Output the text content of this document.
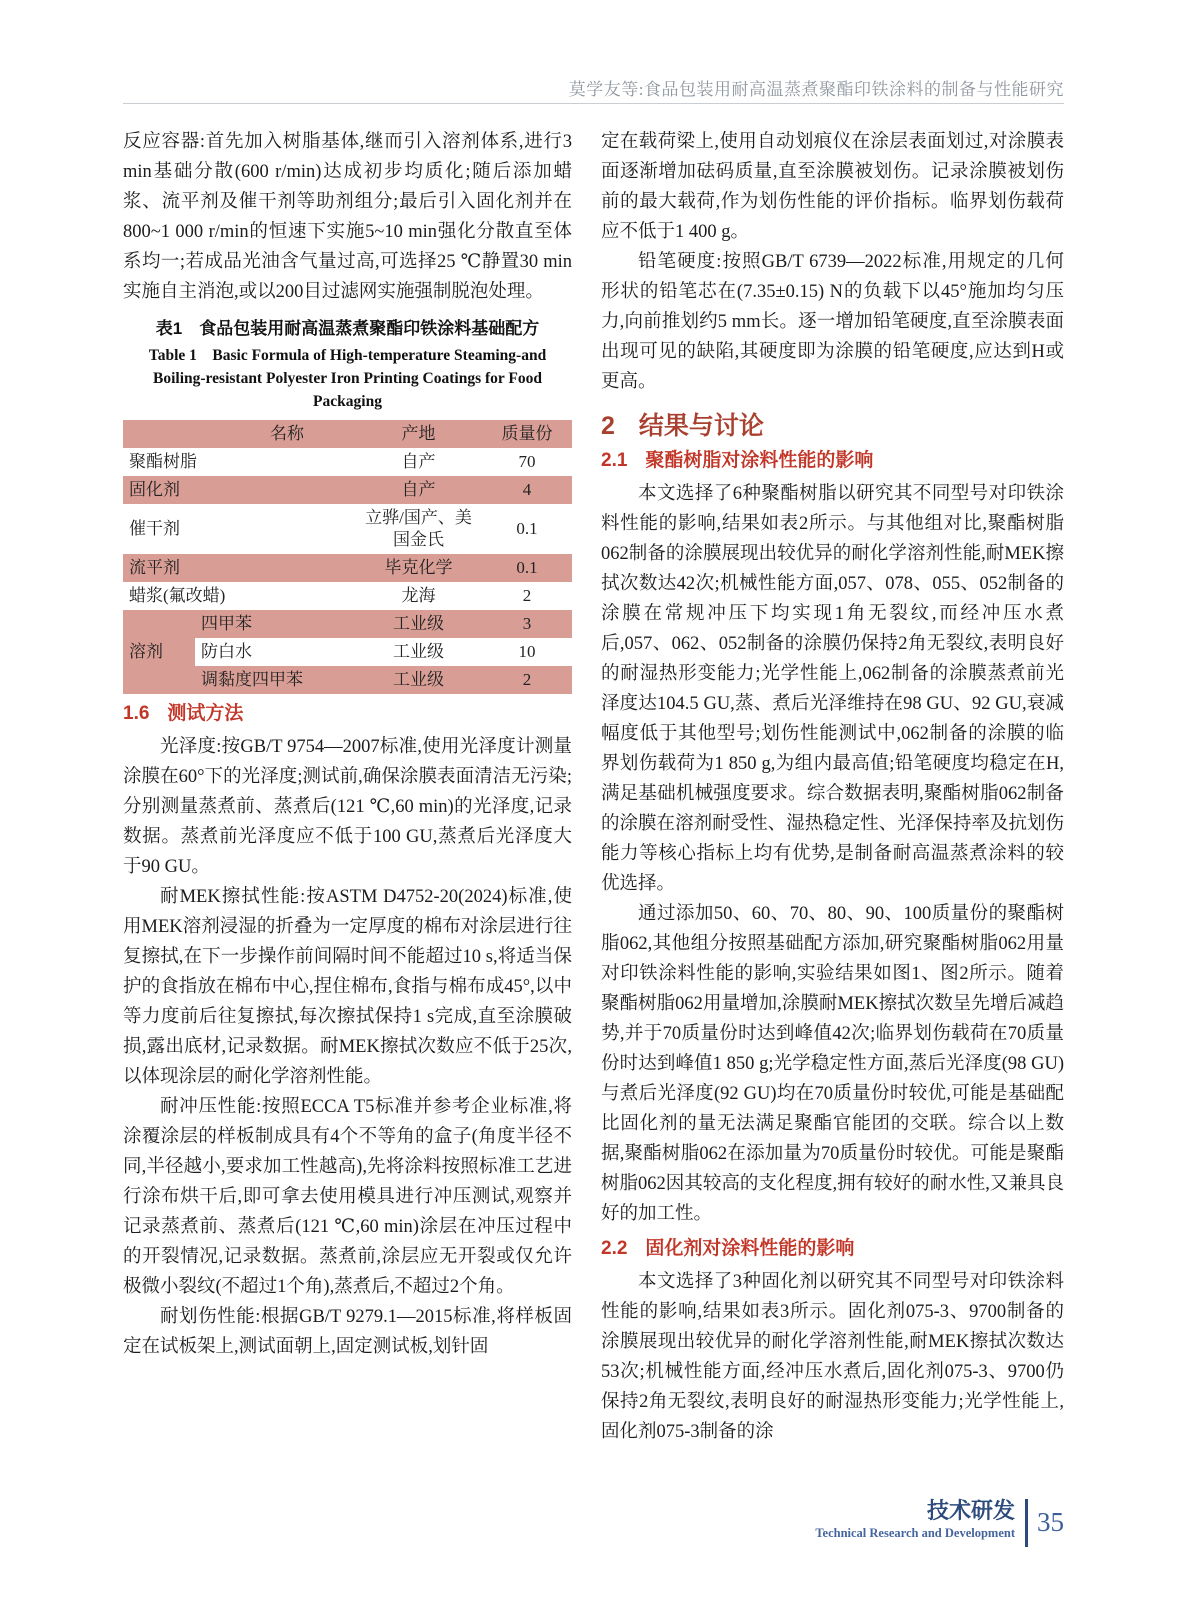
莫学友等:食品包装用耐高温蒸煮聚酯印铁涂料的制备与性能研究

反应容器:首先加入树脂基体,继而引入溶剂体系,进行3 min基础分散(600 r/min)达成初步均质化;随后添加蜡浆、流平剂及催干剂等助剂组分;最后引入固化剂并在800~1 000 r/min的恒速下实施5~10 min强化分散直至体系均一;若成品光油含气量过高,可选择25 ℃静置30 min实施自主消泡,或以200目过滤网实施强制脱泡处理。

表1　食品包装用耐高温蒸煮聚酯印铁涂料基础配方
Table 1　Basic Formula of High-temperature Steaming-and Boiling-resistant Polyester Iron Printing Coatings for Food Packaging
名称		产地	质量份
聚酯树脂		自产	70
固化剂		自产	4
催干剂		立骅/国产、美国金氏	0.1
流平剂		毕克化学	0.1
蜡浆(氟改蜡)		龙海	2
溶剂	四甲苯	工业级	3
	防白水	工业级	10
	调黏度四甲苯	工业级	2
1.6 测试方法

光泽度:按GB/T 9754—2007标准,使用光泽度计测量涂膜在60°下的光泽度;测试前,确保涂膜表面清洁无污染;分别测量蒸煮前、蒸煮后(121 ℃,60 min)的光泽度,记录数据。蒸煮前光泽度应不低于100 GU,蒸煮后光泽度大于90 GU。

耐MEK擦拭性能:按ASTM D4752-20(2024)标准,使用MEK溶剂浸湿的折叠为一定厚度的棉布对涂层进行往复擦拭,在下一步操作前间隔时间不能超过10 s,将适当保护的食指放在棉布中心,捏住棉布,食指与棉布成45°,以中等力度前后往复擦拭,每次擦拭保持1 s完成,直至涂膜破损,露出底材,记录数据。耐MEK擦拭次数应不低于25次,以体现涂层的耐化学溶剂性能。

耐冲压性能:按照ECCA T5标准并参考企业标准,将涂覆涂层的样板制成具有4个不等角的盒子(角度半径不同,半径越小,要求加工性越高),先将涂料按照标准工艺进行涂布烘干后,即可拿去使用模具进行冲压测试,观察并记录蒸煮前、蒸煮后(121 ℃,60 min)涂层在冲压过程中的开裂情况,记录数据。蒸煮前,涂层应无开裂或仅允许极微小裂纹(不超过1个角),蒸煮后,不超过2个角。

耐划伤性能:根据GB/T 9279.1—2015标准,将样板固定在试板架上,测试面朝上,固定测试板,划针固

定在载荷梁上,使用自动划痕仪在涂层表面划过,对涂膜表面逐渐增加砝码质量,直至涂膜被划伤。记录涂膜被划伤前的最大载荷,作为划伤性能的评价指标。临界划伤载荷应不低于1 400 g。

铅笔硬度:按照GB/T 6739—2022标准,用规定的几何形状的铅笔芯在(7.35±0.15) N的负载下以45°施加均匀压力,向前推划约5 mm长。逐一增加铅笔硬度,直至涂膜表面出现可见的缺陷,其硬度即为涂膜的铅笔硬度,应达到H或更高。

2 结果与讨论
2.1 聚酯树脂对涂料性能的影响

本文选择了6种聚酯树脂以研究其不同型号对印铁涂料性能的影响,结果如表2所示。与其他组对比,聚酯树脂062制备的涂膜展现出较优异的耐化学溶剂性能,耐MEK擦拭次数达42次;机械性能方面,057、078、055、052制备的涂膜在常规冲压下均实现1角无裂纹,而经冲压水煮后,057、062、052制备的涂膜仍保持2角无裂纹,表明良好的耐湿热形变能力;光学性能上,062制备的涂膜蒸煮前光泽度达104.5 GU,蒸、煮后光泽维持在98 GU、92 GU,衰减幅度低于其他型号;划伤性能测试中,062制备的涂膜的临界划伤载荷为1 850 g,为组内最高值;铅笔硬度均稳定在H,满足基础机械强度要求。综合数据表明,聚酯树脂062制备的涂膜在溶剂耐受性、湿热稳定性、光泽保持率及抗划伤能力等核心指标上均有优势,是制备耐高温蒸煮涂料的较优选择。

通过添加50、60、70、80、90、100质量份的聚酯树脂062,其他组分按照基础配方添加,研究聚酯树脂062用量对印铁涂料性能的影响,实验结果如图1、图2所示。随着聚酯树脂062用量增加,涂膜耐MEK擦拭次数呈先增后减趋势,并于70质量份时达到峰值42次;临界划伤载荷在70质量份时达到峰值1 850 g;光学稳定性方面,蒸后光泽度(98 GU)与煮后光泽度(92 GU)均在70质量份时较优,可能是基础配比固化剂的量无法满足聚酯官能团的交联。综合以上数据,聚酯树脂062在添加量为70质量份时较优。可能是聚酯树脂062因其较高的支化程度,拥有较好的耐水性,又兼具良好的加工性。

2.2 固化剂对涂料性能的影响

本文选择了3种固化剂以研究其不同型号对印铁涂料性能的影响,结果如表3所示。固化剂075-3、9700制备的涂膜展现出较优异的耐化学溶剂性能,耐MEK擦拭次数达53次;机械性能方面,经冲压水煮后,固化剂075-3、9700仍保持2角无裂纹,表明良好的耐湿热形变能力;光学性能上,固化剂075-3制备的涂

技术研发
Technical Research and Development 35
